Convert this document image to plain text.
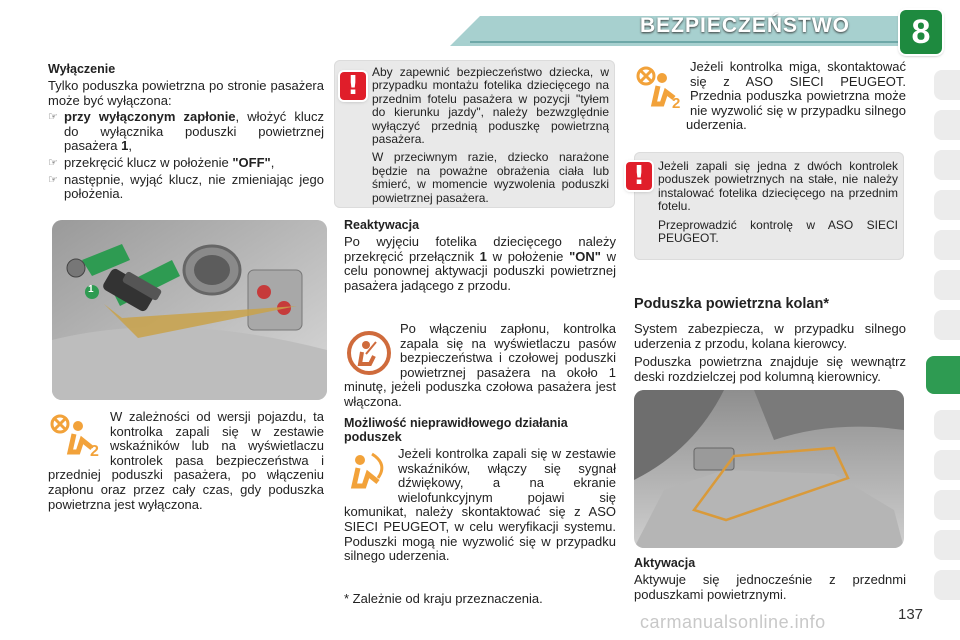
BEZPIECZEŃSTWO	8

Wyłączenie

Tylko poduszka powietrzna po stronie pasażera może być wyłączona:

☞ przy wyłączonym zapłonie, włożyć klucz do wyłącznika poduszki powietrznej pasażera 1,
☞ przekręcić klucz w położenie "OFF",
☞ następnie, wyjąć klucz, nie zmieniając jego położenia.
1
2

W zależności od wersji pojazdu, ta kontrolka zapali się w zestawie wskaźników lub na wyświetlaczu kontrolek pasa bezpieczeństwa i przedniej poduszki pasażera, po włączeniu zapłonu oraz przez cały czas, gdy poduszka powietrzna jest wyłączona.

!	Aby zapewnić bezpieczeństwo dziecka, w przypadku montażu fotelika dziecięcego na przednim fotelu pasażera w pozycji "tyłem do kierunku jazdy", należy bezwzględnie wyłączyć przednią poduszkę powietrzną pasażera.

W przeciwnym razie, dziecko narażone będzie na poważne obrażenia ciała lub śmierć, w momencie wyzwolenia poduszki powietrznej pasażera.

Reaktywacja

Po wyjęciu fotelika dziecięcego należy przekręcić przełącznik 1 w położenie "ON" w celu ponownej aktywacji poduszki powietrznej pasażera jadącego z przodu.

Po włączeniu zapłonu, kontrolka zapala się na wyświetlaczu pasów bezpieczeństwa i czołowej poduszki powietrznej pasażera na około 1 minutę, jeżeli poduszka czołowa pasażera jest włączona.

Możliwość nieprawidłowego działania poduszek

Jeżeli kontrolka zapali się w zestawie wskaźników, włączy się sygnał dźwiękowy, a na ekranie wielofunkcyjnym pojawi się komunikat, należy skontaktować się z ASO SIECI PEUGEOT, w celu weryfikacji systemu. Poduszki mogą nie wyzwolić się w przypadku silnego uderzenia.

* Zależnie od kraju przeznaczenia.
2

Jeżeli kontrolka miga, skontaktować się z ASO SIECI PEUGEOT. Przednia poduszka powietrzna może nie wyzwolić się w przypadku silnego uderzenia.

!	Jeżeli zapali się jedna z dwóch kontrolek poduszek powietrznych na stałe, nie należy instalować fotelika dziecięcego na przednim fotelu.

Przeprowadzić kontrolę w ASO SIECI PEUGEOT.

Poduszka powietrzna kolan*

System zabezpiecza, w przypadku silnego uderzenia z przodu, kolana kierowcy.

Poduszka powietrzna znajduje się wewnątrz deski rozdzielczej pod kolumną kierownicy.

Aktywacja

Aktywuje się jednocześnie z przednmi poduszkami powietrznymi.

137
carmanualsonline.info
